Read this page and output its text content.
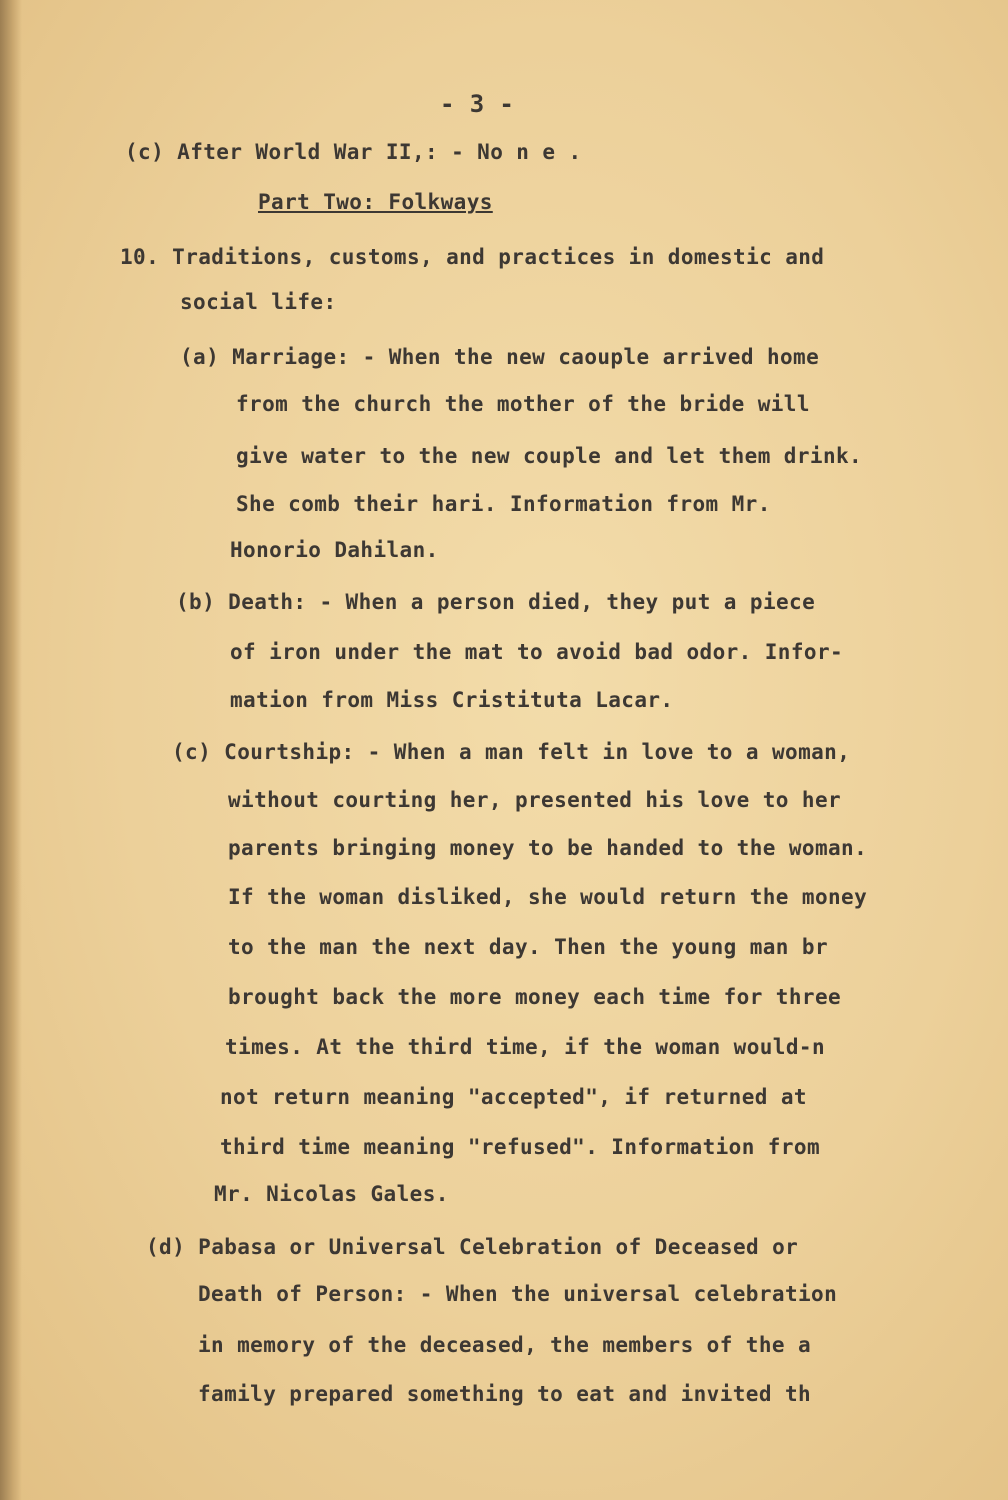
- 3 -
Part Two: Folkways
(c) After World War II,: - No n e .
10. Traditions, customs, and practices in domestic and
social life:
(a) Marriage: - When the new caouple arrived home
from the church the mother of the bride will
give water to the new couple and let them drink.
She comb their hari. Information from Mr.
Honorio Dahilan.
(b) Death: - When a person died, they put a piece
of iron under the mat to avoid bad odor. Infor-
mation from Miss Cristituta Lacar.
(c) Courtship: - When a man felt in love to a woman,
without courting her, presented his love to her
parents bringing money to be handed to the woman.
If the woman disliked, she would return the money
to the man the next day. Then the young man br
brought back the more money each time for three
times. At the third time, if the woman would-n
not return meaning "accepted", if returned at
third time meaning "refused". Information from
Mr. Nicolas Gales.
(d) Pabasa or Universal Celebration of Deceased or
Death of Person: - When the universal celebration
in memory of the deceased, the members of the a
family prepared something to eat and invited th
